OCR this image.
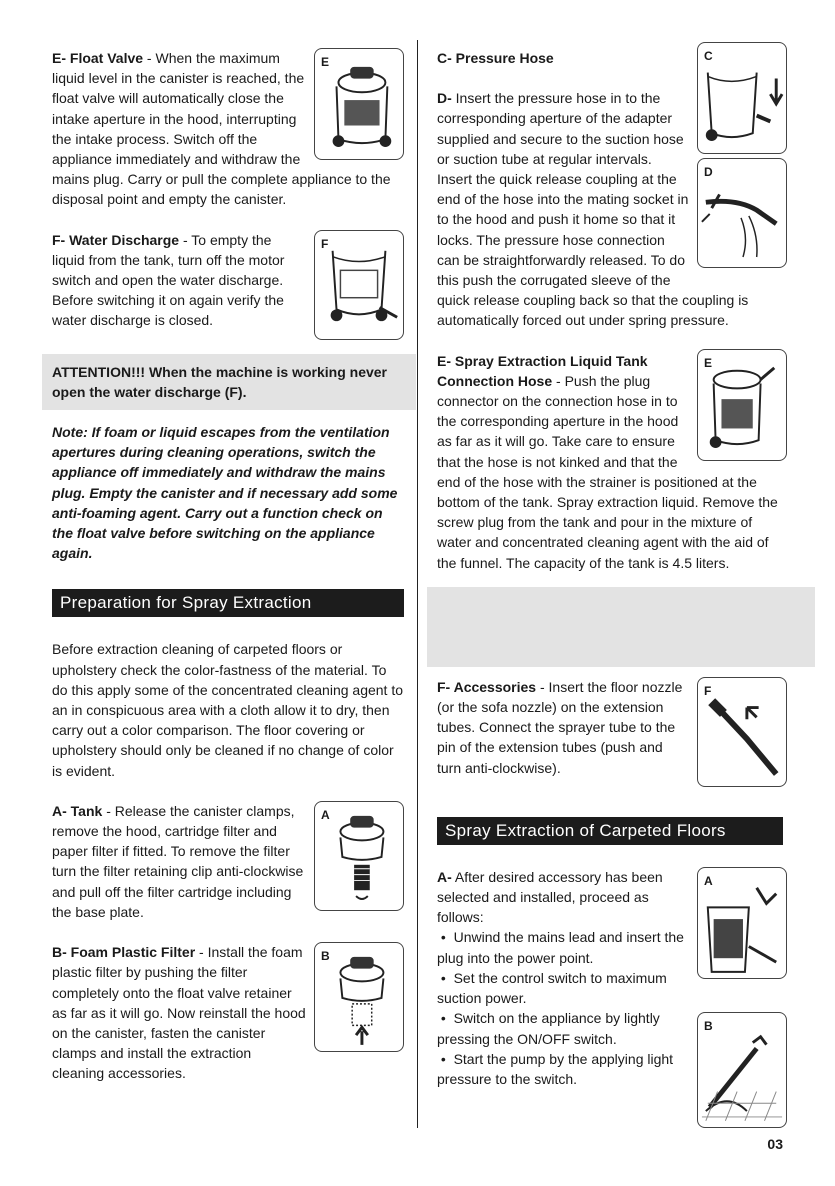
E

E- Float Valve - When the maximum liquid level in the canister is reached, the float valve will automatically close the intake aperture in the hood, interrupting the intake process. Switch off the appliance immediately and withdraw the mains plug. Carry or pull the complete appliance to the disposal point and empty the canister.

F

F- Water Discharge - To empty the liquid from the tank, turn off the motor switch and open the water discharge. Before switching it on again verify the water discharge is closed.

ATTENTION!!! When the machine is working never open the water discharge (F).

Note: If foam or liquid escapes from the ventilation apertures during cleaning operations, switch the appliance off immediately and withdraw the mains plug. Empty the canister and if necessary add some anti-foaming agent. Carry out a function check on the float valve before switching on the appliance again.

Preparation for Spray Extraction

Before extraction cleaning of carpeted floors or upholstery check the color-fastness of the material. To do this apply some of the concentrated cleaning agent to an in conspicuous area with a cloth allow it to dry, then carry out a color comparison. The floor covering or upholstery should only be cleaned if no change of color is evident.

A

A- Tank - Release the canister clamps, remove the hood, cartridge filter and paper filter if fitted. To remove the filter turn the filter retaining clip anti-clockwise and pull off the filter cartridge including the base plate.

B

B- Foam Plastic Filter - Install the foam plastic filter by pushing the filter completely onto the float valve retainer as far as it will go. Now reinstall the hood on the canister, fasten the canister clamps and install the extraction cleaning accessories.

C

C- Pressure Hose

D

D- Insert the pressure hose in to the corresponding aperture of the adapter supplied and secure to the suction hose or suction tube at regular intervals. Insert the quick release coupling at the end of the hose into the mating socket in to the hood and push it home so that it locks. The pressure hose connection can be straightforwardly released. To do this push the corrugated sleeve of the quick release coupling back so that the coupling is automatically forced out under spring pressure.

E

E- Spray Extraction Liquid Tank Connection Hose - Push the plug connector on the connection hose in to the corresponding aperture in the hood as far as it will go. Take care to ensure that the hose is not kinked and that the end of the hose with the strainer is positioned at the bottom of the tank. Spray extraction liquid. Remove the screw plug from the tank and pour in the mixture of water and concentrated cleaning agent with the aid of the funnel. The capacity of the tank is 4.5 liters.

F

F- Accessories - Insert the floor nozzle (or the sofa nozzle) on the extension tubes. Connect the sprayer tube to the pin of the extension tubes (push and turn anti-clockwise).

Spray Extraction of Carpeted Floors
A

A- After desired accessory has been selected and installed, proceed as follows:

•  Unwind the mains lead and insert the plug into the power point.

•  Set the control switch to maximum suction power.

B

•  Switch on the appliance by lightly pressing the ON/OFF switch.

•  Start the pump by the applying light pressure to the switch.

03
